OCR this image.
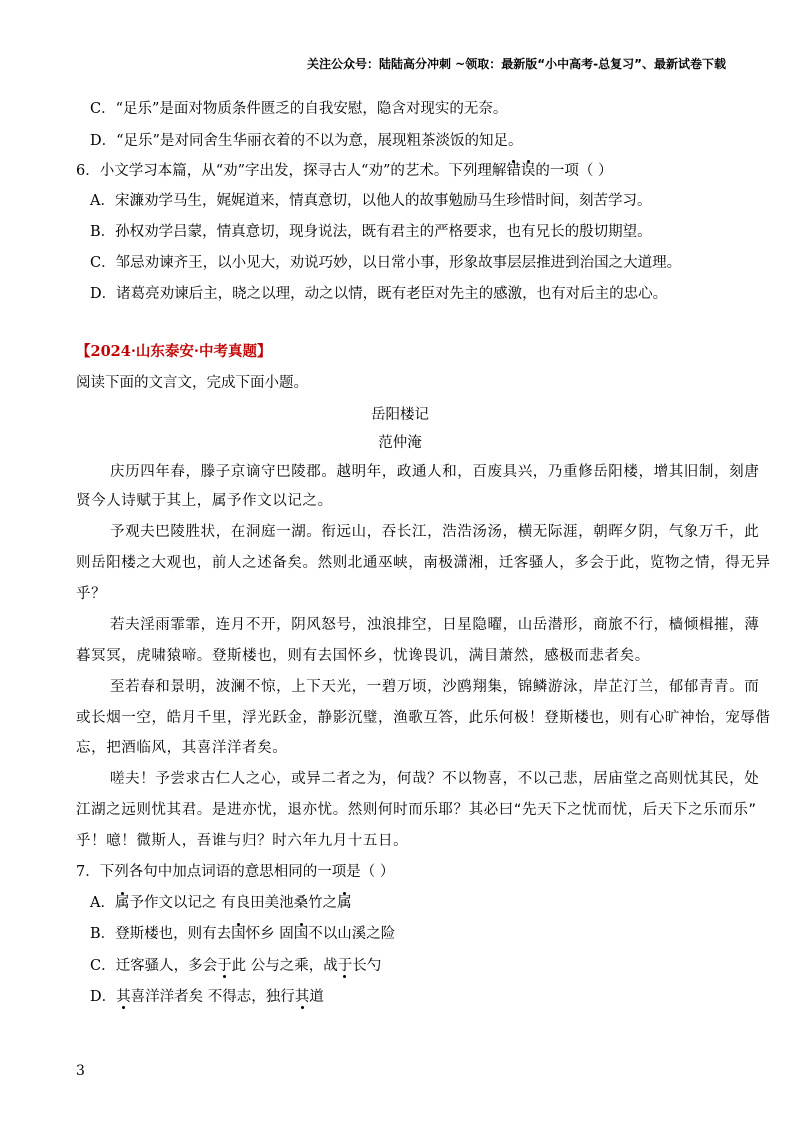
关注公众号：陆陆高分冲刺 ~领取：最新版“小中高考-总复习”、最新试卷下载
C．“足乐”是面对物质条件匮乏的自我安慰，隐含对现实的无奈。
D．“足乐”是对同舍生华丽衣着的不以为意，展现粗茶淡饭的知足。
6．小文学习本篇，从“劝”字出发，探寻古人“劝”的艺术。下列理解错误的一项（ ）
A．宋濂劝学马生，娓娓道来，情真意切，以他人的故事勉励马生珍惜时间，刻苦学习。
B．孙权劝学吕蒙，情真意切，现身说法，既有君主的严格要求，也有兄长的殷切期望。
C．邹忌劝谏齐王，以小见大，劝说巧妙，以日常小事，形象故事层层推进到治国之大道理。
D．诸葛亮劝谏后主，晓之以理，动之以情，既有老臣对先主的感激，也有对后主的忠心。
【2024·山东泰安·中考真题】
阅读下面的文言文，完成下面小题。
岳阳楼记
范仲淹
庆历四年春，滕子京谪守巴陵郡。越明年，政通人和，百废具兴，乃重修岳阳楼，增其旧制，刻唐
贤今人诗赋于其上，属予作文以记之。
予观夫巴陵胜状，在洞庭一湖。衔远山，吞长江，浩浩汤汤，横无际涯，朝晖夕阴，气象万千，此
则岳阳楼之大观也，前人之述备矣。然则北通巫峡，南极潇湘，迁客骚人，多会于此，览物之情，得无异
乎？
若夫淫雨霏霏，连月不开，阴风怒号，浊浪排空，日星隐曜，山岳潜形，商旅不行，樯倾楫摧，薄
暮冥冥，虎啸猿啼。登斯楼也，则有去国怀乡，忧谗畏讥，满目萧然，感极而悲者矣。
至若春和景明，波澜不惊，上下天光，一碧万顷，沙鸥翔集，锦鳞游泳，岸芷汀兰，郁郁青青。而
或长烟一空，皓月千里，浮光跃金，静影沉璧，渔歌互答，此乐何极！登斯楼也，则有心旷神怡，宠辱偕
忘，把酒临风，其喜洋洋者矣。
嗟夫！予尝求古仁人之心，或异二者之为，何哉？不以物喜，不以己悲，居庙堂之高则忧其民，处
江湖之远则忧其君。是进亦忧，退亦忧。然则何时而乐耶？其必曰“先天下之忧而忧，后天下之乐而乐”
乎！噫！微斯人，吾谁与归？时六年九月十五日。
7．下列各句中加点词语的意思相同的一项是（ ）
A．属予作文以记之 有良田美池桑竹之属
B．登斯楼也，则有去国怀乡 固国不以山溪之险
C．迁客骚人，多会于此 公与之乘，战于长勺
D．其喜洋洋者矣 不得志，独行其道
3
